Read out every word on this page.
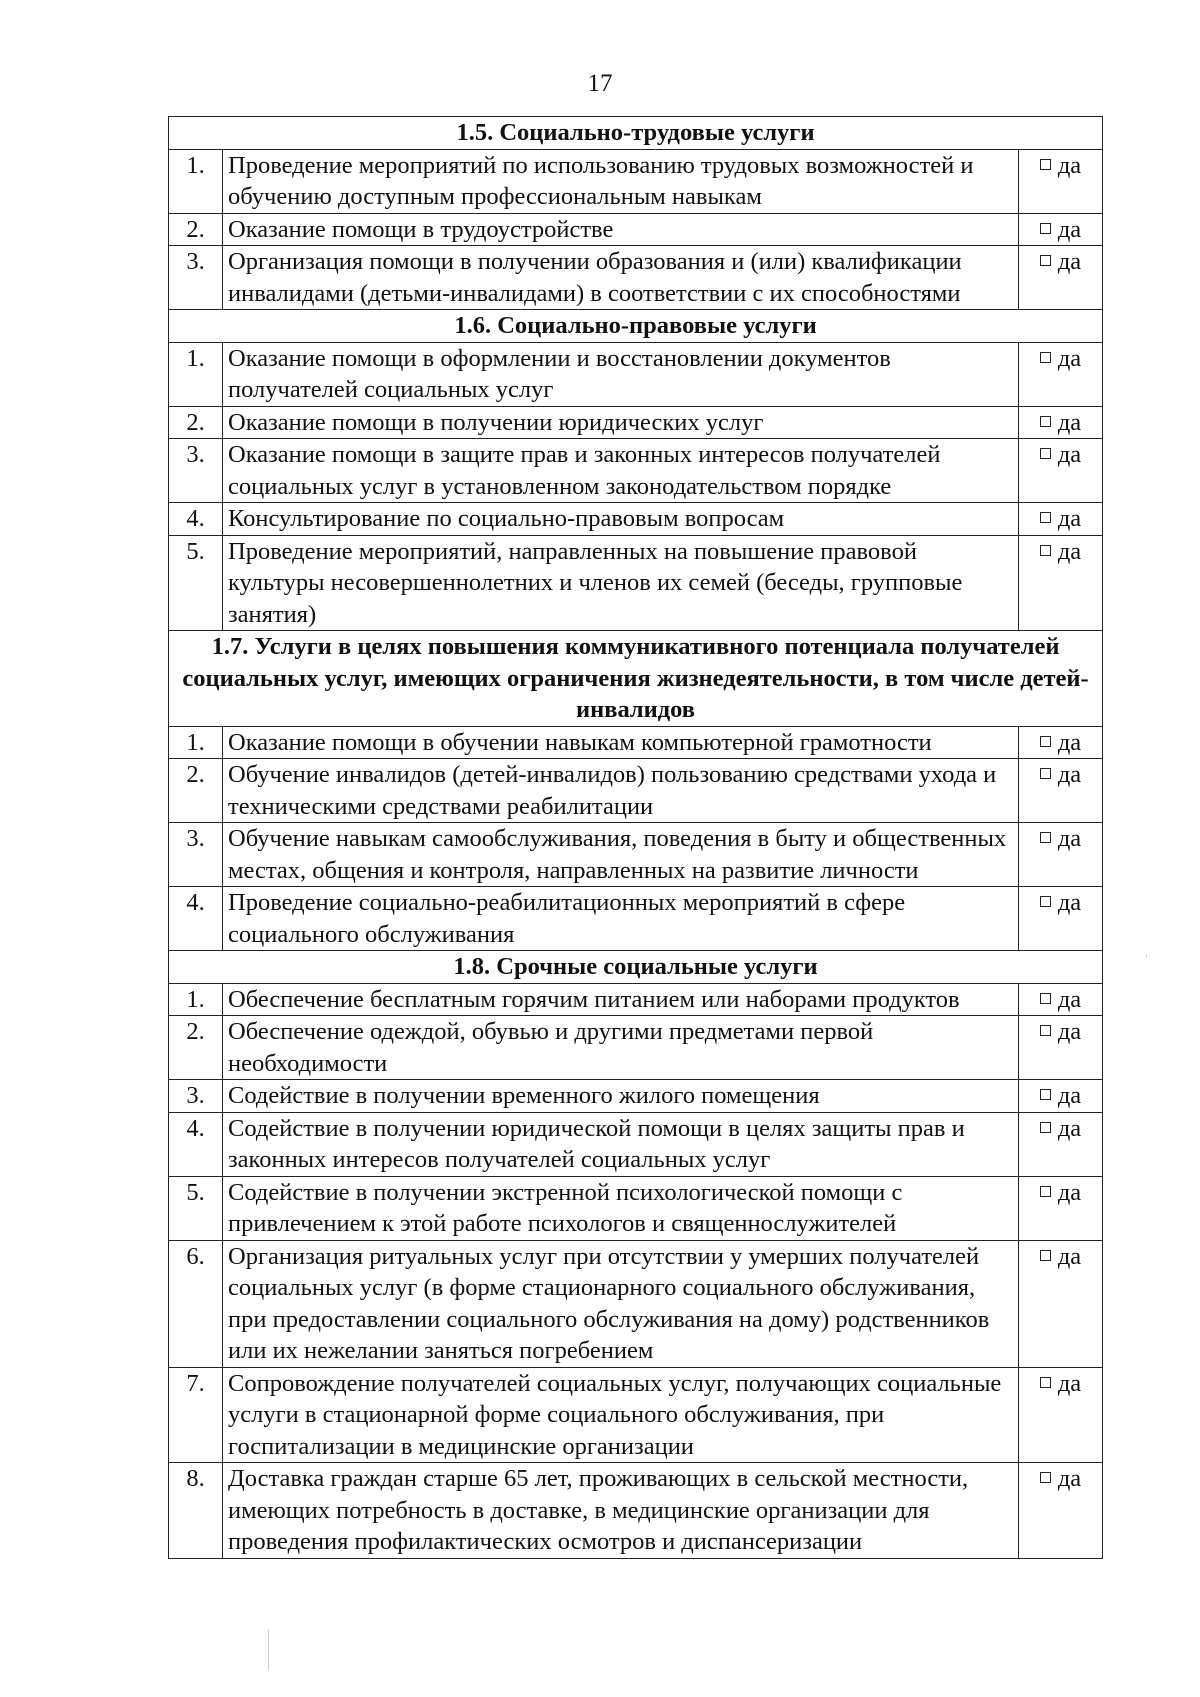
17
1.5. Социально-трудовые услуги		
1.	Проведение мероприятий по использованию трудовых возможностей и обучению доступным профессиональным навыкам	да
2.	Оказание помощи в трудоустройстве	да
3.	Организация помощи в получении образования и (или) квалификации инвалидами (детьми-инвалидами) в соответствии с их способностями	да
1.6. Социально-правовые услуги		
1.	Оказание помощи в оформлении и восстановлении документов получателей социальных услуг	да
2.	Оказание помощи в получении юридических услуг	да
3.	Оказание помощи в защите прав и законных интересов получателей социальных услуг в установленном законодательством порядке	да
4.	Консультирование по социально-правовым вопросам	да
5.	Проведение мероприятий, направленных на повышение правовой культуры несовершеннолетних и членов их семей (беседы, групповые занятия)	да
1.7. Услуги в целях повышения коммуникативного потенциала получателей социальных услуг, имеющих ограничения жизнедеятельности, в том числе детей-инвалидов		
1.	Оказание помощи в обучении навыкам компьютерной грамотности	да
2.	Обучение инвалидов (детей-инвалидов) пользованию средствами ухода и техническими средствами реабилитации	да
3.	Обучение навыкам самообслуживания, поведения в быту и общественных местах, общения и контроля, направленных на развитие личности	да
4.	Проведение социально-реабилитационных мероприятий в сфере социального обслуживания	да
1.8. Срочные социальные услуги		
1.	Обеспечение бесплатным горячим питанием или наборами продуктов	да
2.	Обеспечение одеждой, обувью и другими предметами первой необходимости	да
3.	Содействие в получении временного жилого помещения	да
4.	Содействие в получении юридической помощи в целях защиты прав и законных интересов получателей социальных услуг	да
5.	Содействие в получении экстренной психологической помощи с привлечением к этой работе психологов и священнослужителей	да
6.	Организация ритуальных услуг при отсутствии у умерших получателей социальных услуг (в форме стационарного социального обслуживания, при предоставлении социального обслуживания на дому) родственников или их нежелании заняться погребением	да
7.	Сопровождение получателей социальных услуг, получающих социальные услуги в стационарной форме социального обслуживания, при госпитализации в медицинские организации	да
8.	Доставка граждан старше 65 лет, проживающих в сельской местности, имеющих потребность в доставке, в медицинские организации для проведения профилактических осмотров и диспансеризации	да
